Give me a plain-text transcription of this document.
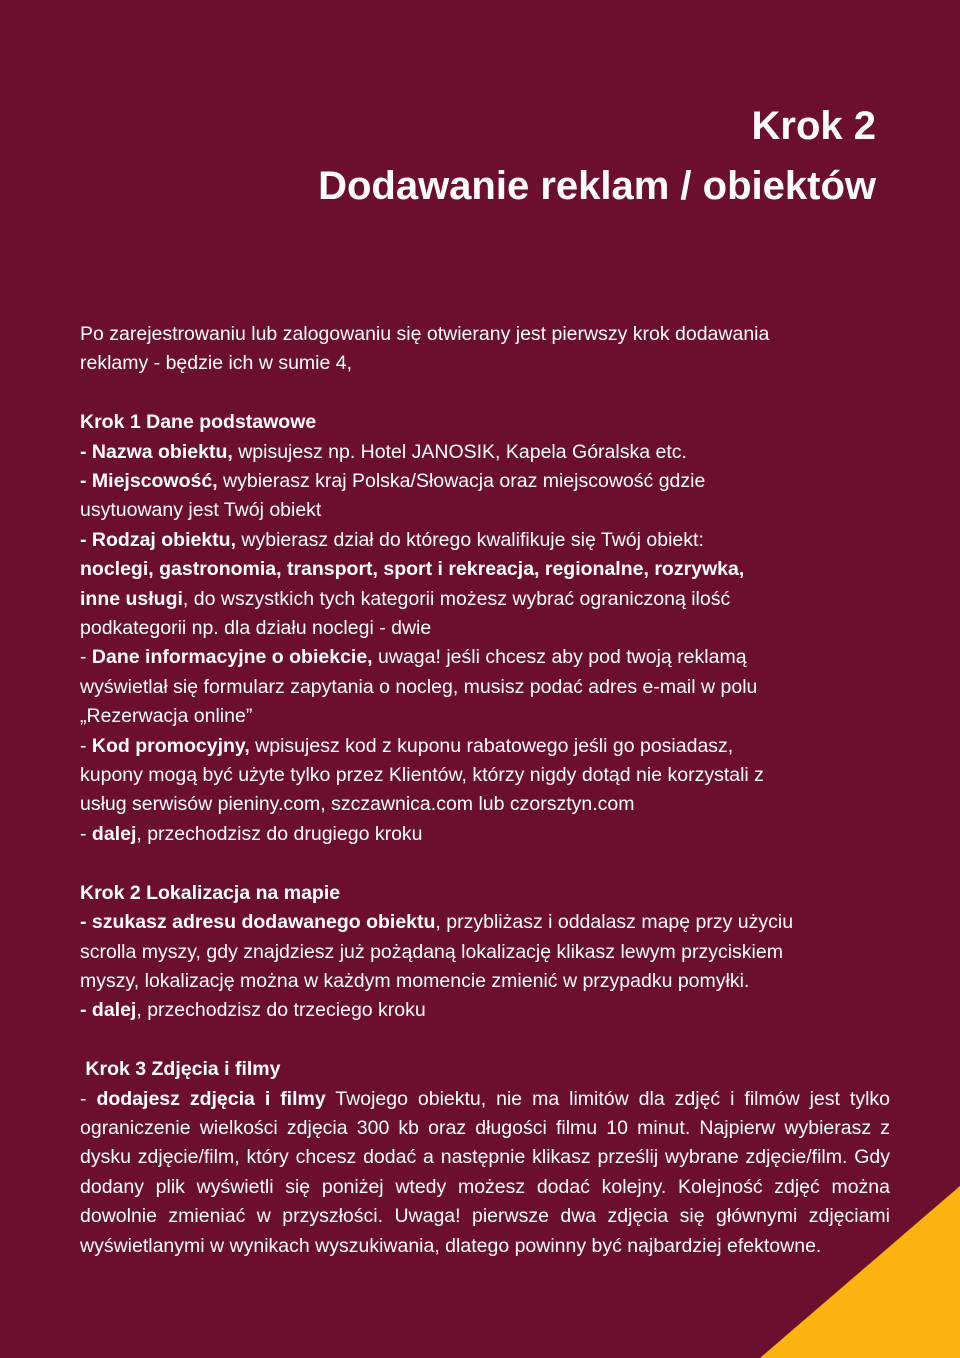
Krok 2
Dodawanie reklam / obiektów

Po zarejestrowaniu lub zalogowaniu się otwierany jest pierwszy krok dodawania

reklamy - będzie ich w sumie 4,

Krok 1 Dane podstawowe

- Nazwa obiektu, wpisujesz np. Hotel JANOSIK, Kapela Góralska etc.

- Miejscowość, wybierasz kraj Polska/Słowacja oraz miejscowość gdzie

usytuowany jest Twój obiekt

- Rodzaj obiektu, wybierasz dział do którego kwalifikuje się Twój obiekt:

noclegi, gastronomia, transport, sport i rekreacja, regionalne, rozrywka,

inne usługi, do wszystkich tych kategorii możesz wybrać ograniczoną ilość

podkategorii np. dla działu noclegi - dwie

- Dane informacyjne o obiekcie, uwaga! jeśli chcesz aby pod twoją reklamą

wyświetlał się formularz zapytania o nocleg, musisz podać adres e-mail w polu

„Rezerwacja online”

- Kod promocyjny, wpisujesz kod z kuponu rabatowego jeśli go posiadasz,

kupony mogą być użyte tylko przez Klientów, którzy nigdy dotąd nie korzystali z

usług serwisów pieniny.com, szczawnica.com lub czorsztyn.com

- dalej, przechodzisz do drugiego kroku

Krok 2 Lokalizacja na mapie

- szukasz adresu dodawanego obiektu, przybliżasz i oddalasz mapę przy użyciu

scrolla myszy, gdy znajdziesz już pożądaną lokalizację klikasz lewym przyciskiem

myszy, lokalizację można w każdym momencie zmienić w przypadku pomyłki.

- dalej, przechodzisz do trzeciego kroku

Krok 3 Zdjęcia i filmy

- dodajesz zdjęcia i filmy Twojego obiektu, nie ma limitów dla zdjęć i filmów jest tylko ograniczenie wielkości zdjęcia 300 kb oraz długości filmu 10 minut. Najpierw wybierasz z dysku zdjęcie/film, który chcesz dodać a następnie klikasz prześlij wybrane zdjęcie/film. Gdy dodany plik wyświetli się poniżej wtedy możesz dodać kolejny. Kolejność zdjęć można dowolnie zmieniać w przyszłości. Uwaga! pierwsze dwa zdjęcia się głównymi zdjęciami wyświetlanymi w wynikach wyszukiwania, dlatego powinny być najbardziej efektowne.
